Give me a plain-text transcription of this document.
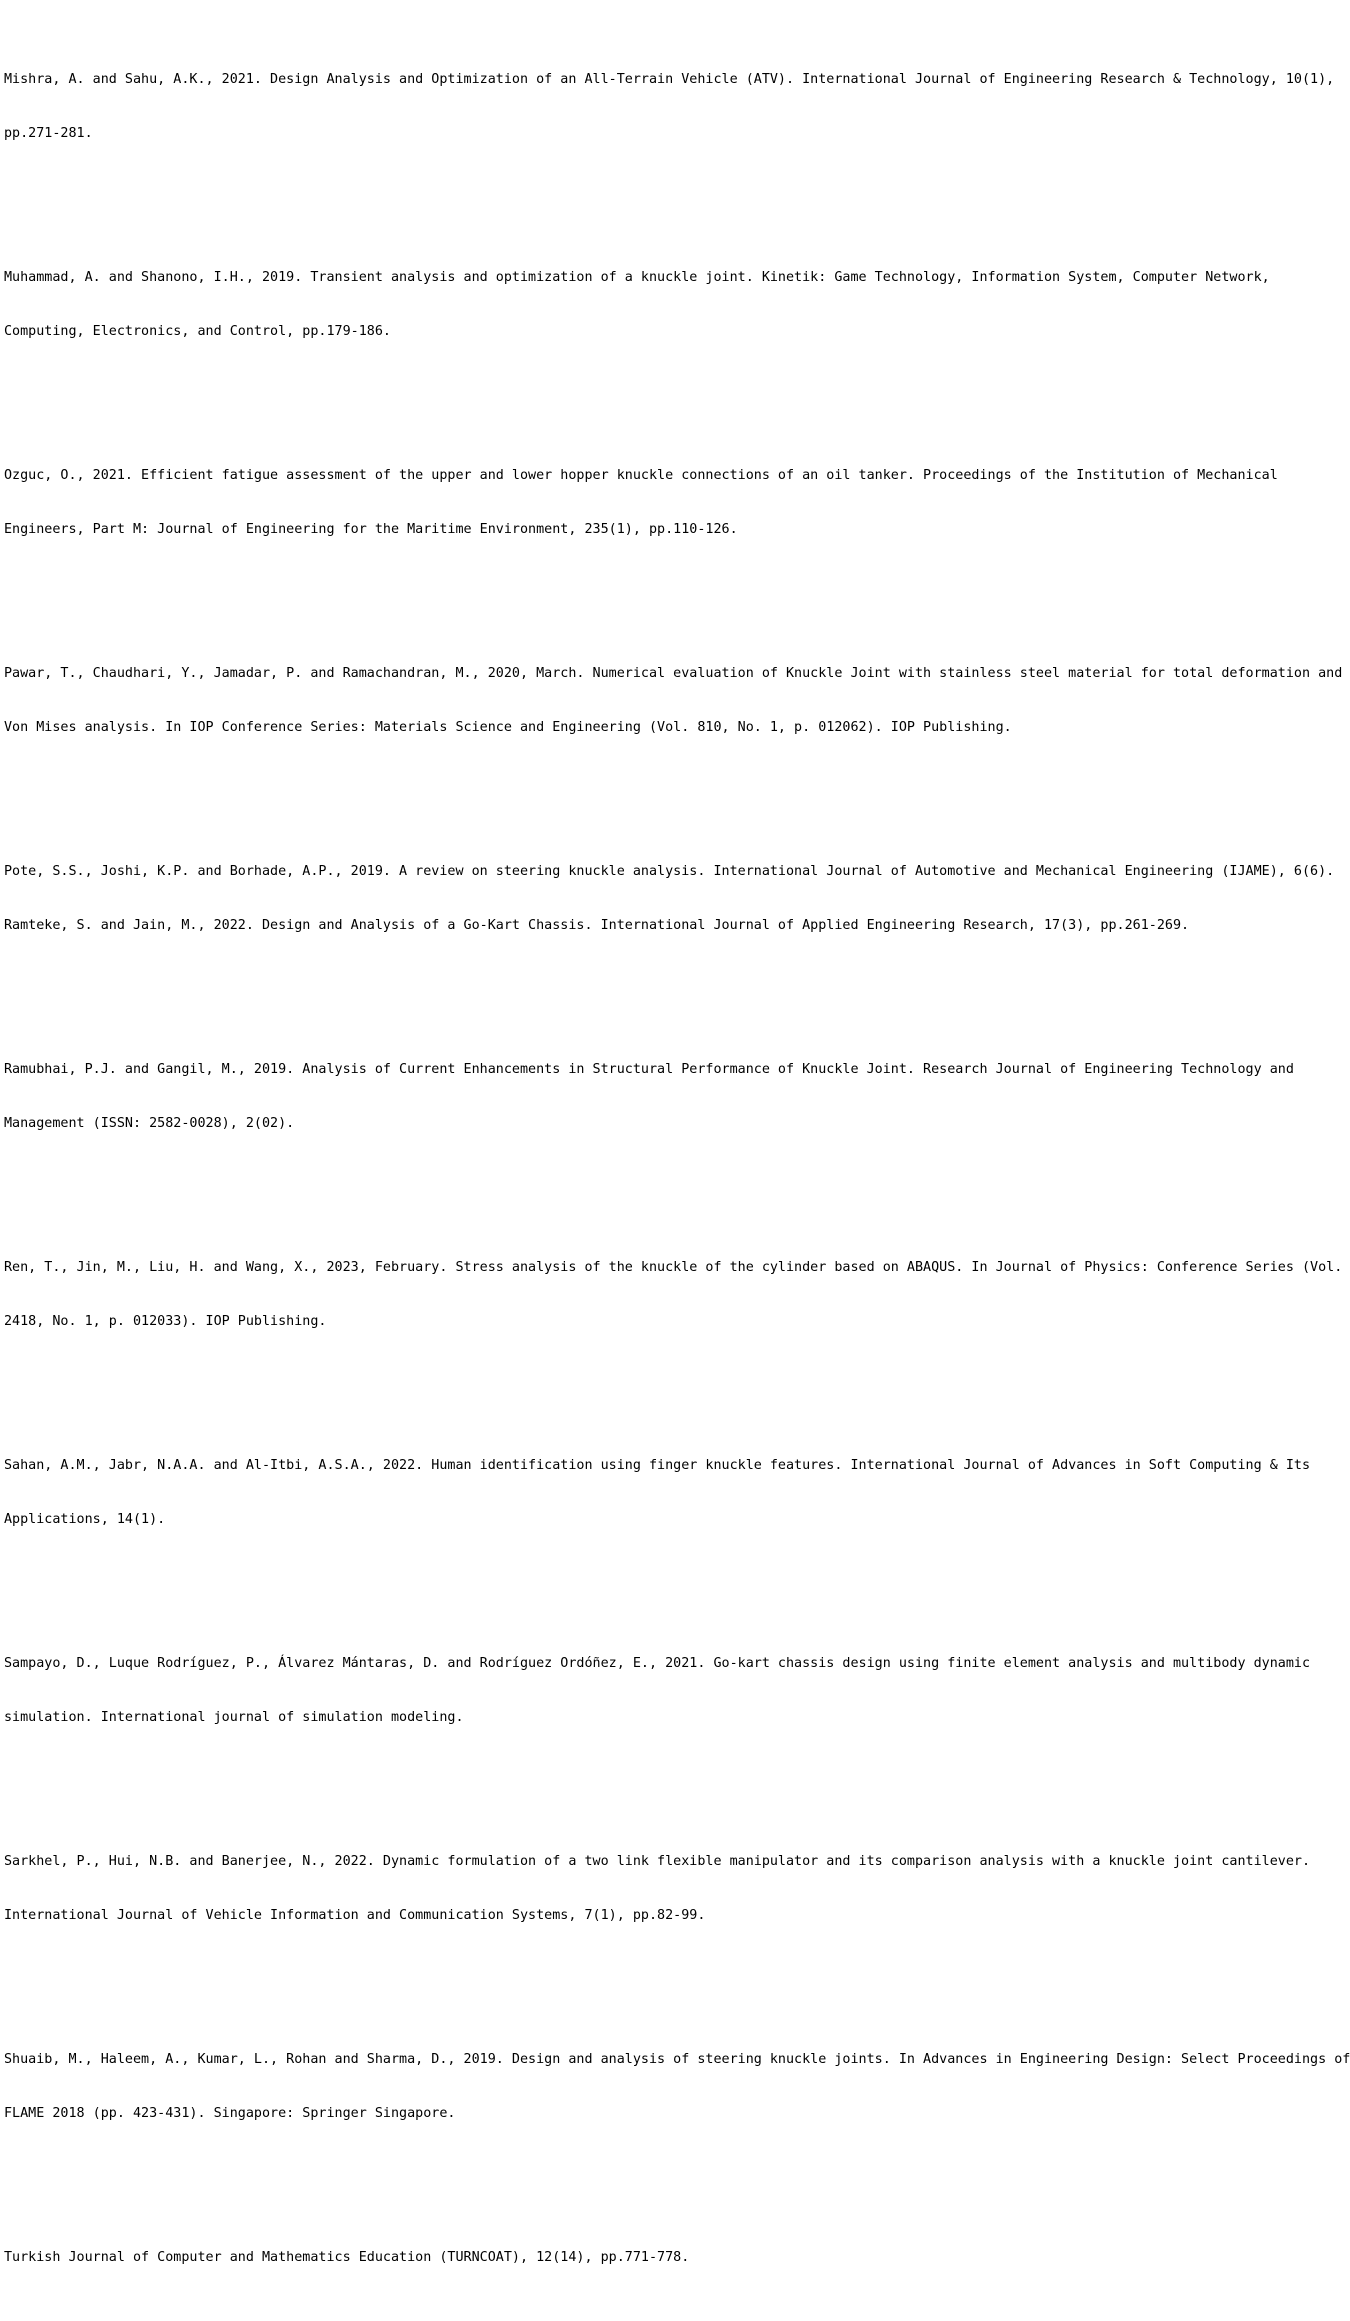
Mishra, A. and Sahu, A.K., 2021. Design Analysis and Optimization of an All-Terrain Vehicle (ATV). International Journal of Engineering Research & Technology, 10(1),

pp.271-281.

Muhammad, A. and Shanono, I.H., 2019. Transient analysis and optimization of a knuckle joint. Kinetik: Game Technology, Information System, Computer Network,

Computing, Electronics, and Control, pp.179-186.

Ozguc, O., 2021. Efficient fatigue assessment of the upper and lower hopper knuckle connections of an oil tanker. Proceedings of the Institution of Mechanical

Engineers, Part M: Journal of Engineering for the Maritime Environment, 235(1), pp.110-126.

Pawar, T., Chaudhari, Y., Jamadar, P. and Ramachandran, M., 2020, March. Numerical evaluation of Knuckle Joint with stainless steel material for total deformation and

Von Mises analysis. In IOP Conference Series: Materials Science and Engineering (Vol. 810, No. 1, p. 012062). IOP Publishing.

Pote, S.S., Joshi, K.P. and Borhade, A.P., 2019. A review on steering knuckle analysis. International Journal of Automotive and Mechanical Engineering (IJAME), 6(6).

Ramteke, S. and Jain, M., 2022. Design and Analysis of a Go-Kart Chassis. International Journal of Applied Engineering Research, 17(3), pp.261-269.

Ramubhai, P.J. and Gangil, M., 2019. Analysis of Current Enhancements in Structural Performance of Knuckle Joint. Research Journal of Engineering Technology and

Management (ISSN: 2582-0028), 2(02).

Ren, T., Jin, M., Liu, H. and Wang, X., 2023, February. Stress analysis of the knuckle of the cylinder based on ABAQUS. In Journal of Physics: Conference Series (Vol.

2418, No. 1, p. 012033). IOP Publishing.

Sahan, A.M., Jabr, N.A.A. and Al-Itbi, A.S.A., 2022. Human identification using finger knuckle features. International Journal of Advances in Soft Computing & Its

Applications, 14(1).

Sampayo, D., Luque Rodríguez, P., Álvarez Mántaras, D. and Rodríguez Ordóñez, E., 2021. Go-kart chassis design using finite element analysis and multibody dynamic

simulation. International journal of simulation modeling.

Sarkhel, P., Hui, N.B. and Banerjee, N., 2022. Dynamic formulation of a two link flexible manipulator and its comparison analysis with a knuckle joint cantilever.

International Journal of Vehicle Information and Communication Systems, 7(1), pp.82-99.

Shuaib, M., Haleem, A., Kumar, L., Rohan and Sharma, D., 2019. Design and analysis of steering knuckle joints. In Advances in Engineering Design: Select Proceedings of

FLAME 2018 (pp. 423-431). Singapore: Springer Singapore.

Turkish Journal of Computer and Mathematics Education (TURNCOAT), 12(14), pp.771-778.
